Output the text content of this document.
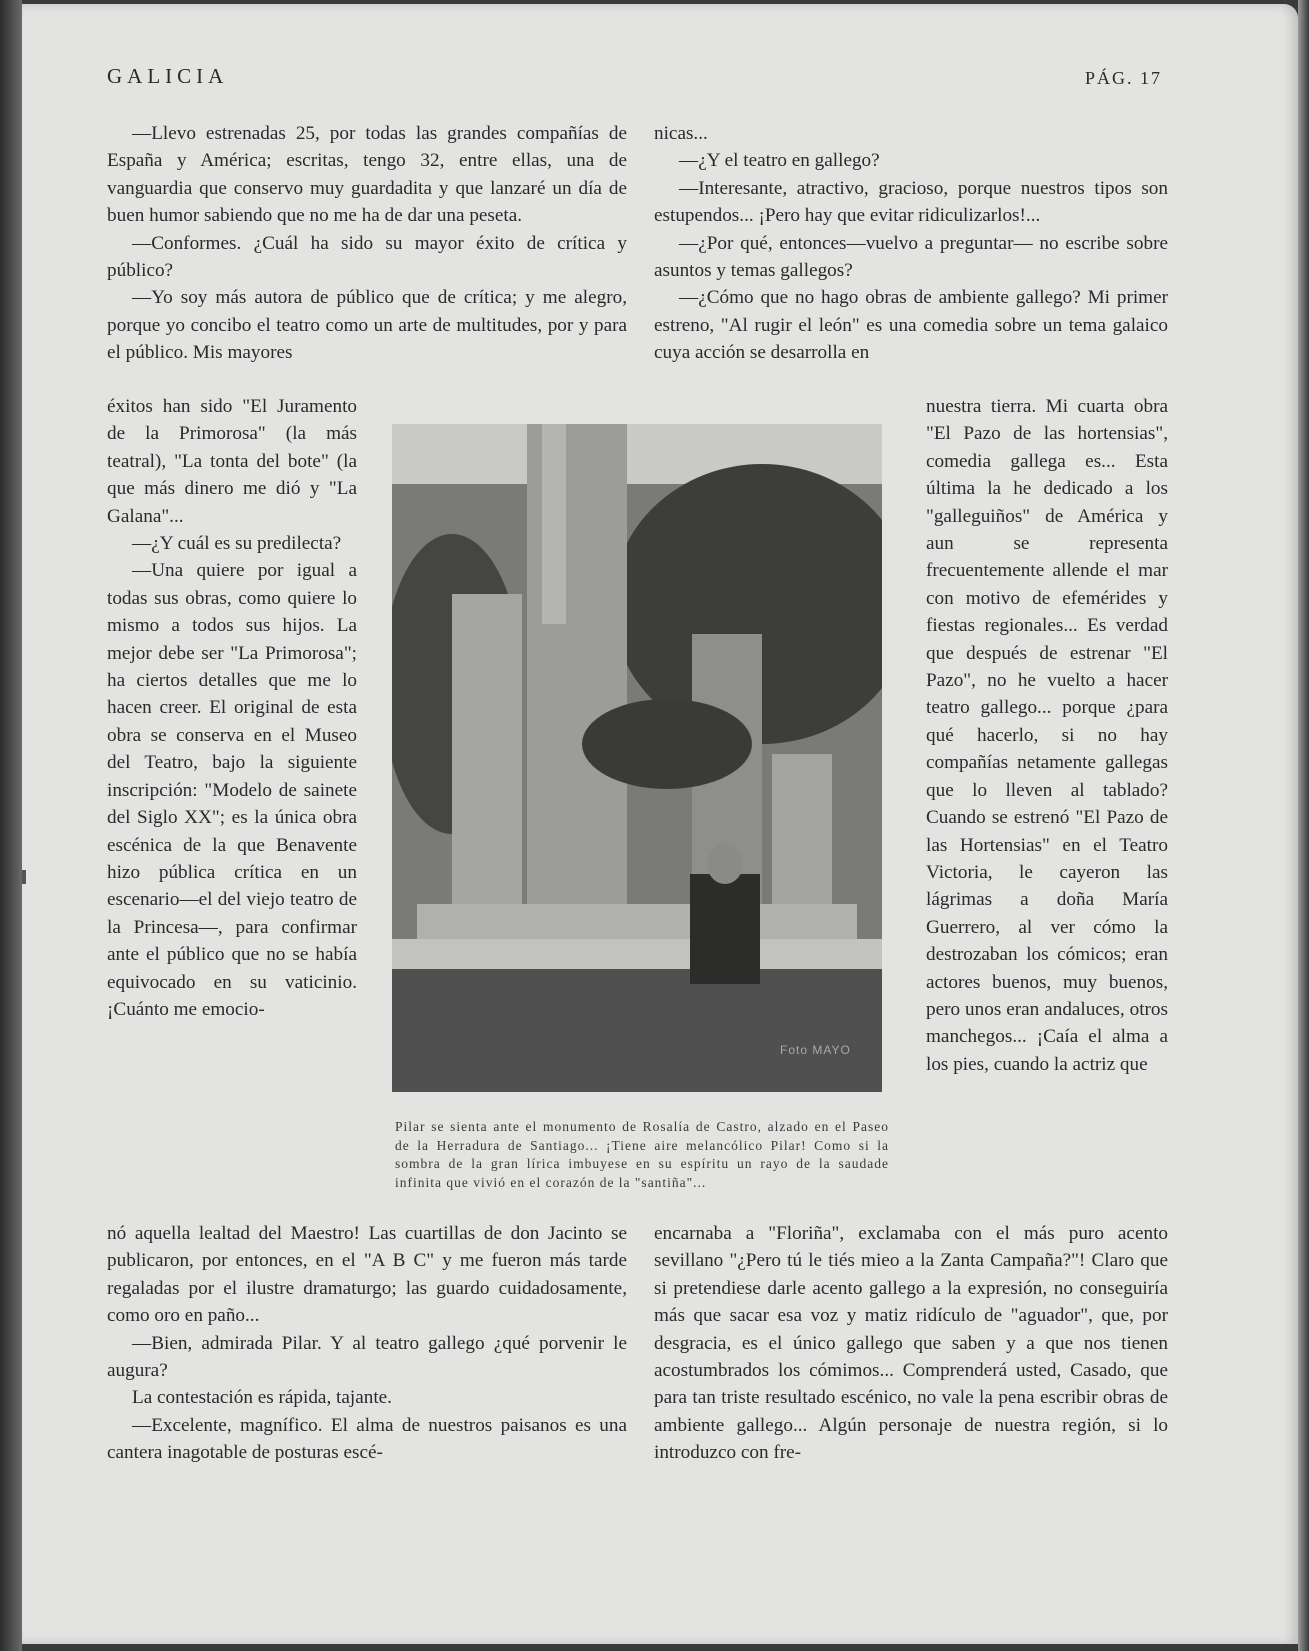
GALICIA	PÁG. 17

—Llevo estrenadas 25, por todas las grandes compañías de España y América; escritas, tengo 32, entre ellas, una de vanguardia que conservo muy guardadita y que lanzaré un día de buen humor sabiendo que no me ha de dar una peseta.

—Conformes. ¿Cuál ha sido su mayor éxito de crítica y público?

—Yo soy más autora de público que de crítica; y me alegro, porque yo concibo el teatro como un arte de multitudes, por y para el público. Mis mayores

éxitos han sido "El Juramento de la Primorosa" (la más teatral), "La tonta del bote" (la que más dinero me dió y "La Galana"...

—¿Y cuál es su predilecta?

—Una quiere por igual a todas sus obras, como quiere lo mismo a todos sus hijos. La mejor debe ser "La Primorosa"; ha ciertos detalles que me lo hacen creer. El original de esta obra se conserva en el Museo del Teatro, bajo la siguiente inscripción: "Modelo de sainete del Siglo XX"; es la única obra escénica de la que Benavente hizo pública crítica en un escenario—el del viejo teatro de la Princesa—, para confirmar ante el público que no se había equivocado en su vaticinio. ¡Cuánto me emocio-

nó aquella lealtad del Maestro! Las cuartillas de don Jacinto se publicaron, por entonces, en el "A B C" y me fueron más tarde regaladas por el ilustre dramaturgo; las guardo cuidadosamente, como oro en paño...

—Bien, admirada Pilar. Y al teatro gallego ¿qué porvenir le augura?

La contestación es rápida, tajante.

—Excelente, magnífico. El alma de nuestros paisanos es una cantera inagotable de posturas escé-

nicas...

—¿Y el teatro en gallego?

—Interesante, atractivo, gracioso, porque nuestros tipos son estupendos... ¡Pero hay que evitar ridiculizarlos!...

—¿Por qué, entonces—vuelvo a preguntar— no escribe sobre asuntos y temas gallegos?

—¿Cómo que no hago obras de ambiente gallego? Mi primer estreno, "Al rugir el león" es una comedia sobre un tema galaico cuya acción se desarrolla en

nuestra tierra. Mi cuarta obra "El Pazo de las hortensias", comedia gallega es... Esta última la he dedicado a los "galleguiños" de América y aun se representa frecuentemente allende el mar con motivo de efemérides y fiestas regionales... Es verdad que después de estrenar "El Pazo", no he vuelto a hacer teatro gallego... porque ¿para qué hacerlo, si no hay compañías netamente gallegas que lo lleven al tablado? Cuando se estrenó "El Pazo de las Hortensias" en el Teatro Victoria, le cayeron las lágrimas a doña María Guerrero, al ver cómo la destrozaban los cómicos; eran actores buenos, muy buenos, pero unos eran andaluces, otros manchegos... ¡Caía el alma a los pies, cuando la actriz que

encarnaba a "Floriña", exclamaba con el más puro acento sevillano "¿Pero tú le tiés mieo a la Zanta Campaña?"! Claro que si pretendiese darle acento gallego a la expresión, no conseguiría más que sacar esa voz y matiz ridículo de "aguador", que, por desgracia, es el único gallego que saben y a que nos tienen acostumbrados los cómimos... Comprenderá usted, Casado, que para tan triste resultado escénico, no vale la pena escribir obras de ambiente gallego... Algún personaje de nuestra región, si lo introduzco con fre-

Foto MAYO

Pilar se sienta ante el monumento de Rosalía de Castro, alzado en el Paseo de la Herradura de Santiago... ¡Tiene aire melancólico Pilar! Como si la sombra de la gran lírica imbuyese en su espíritu un rayo de la saudade infinita que vivió en el corazón de la "santiña"...
